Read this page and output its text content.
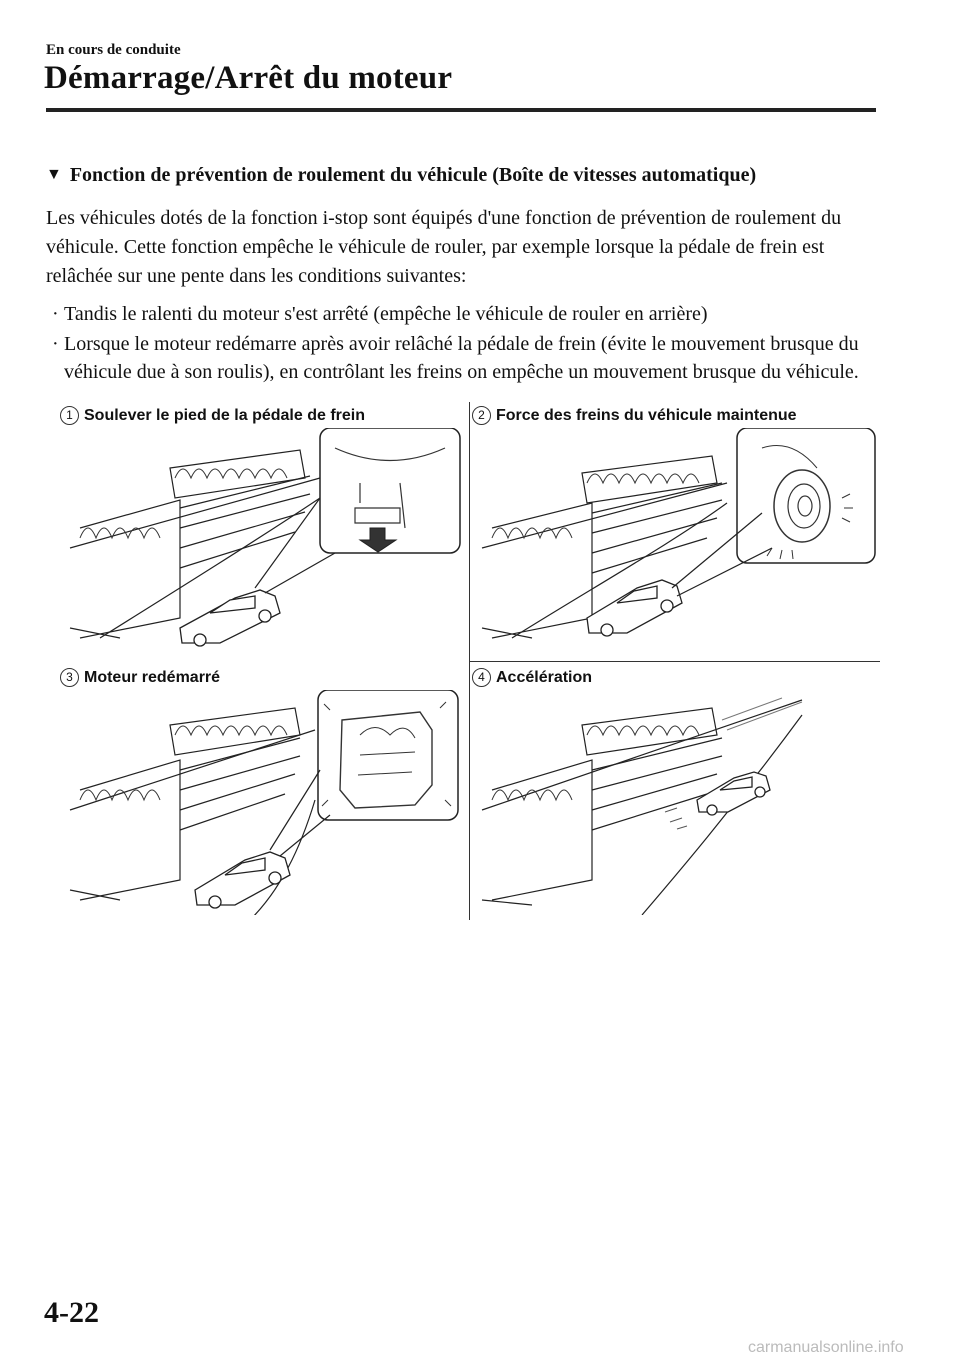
En cours de conduite
Démarrage/Arrêt du moteur
▼ Fonction de prévention de roulement du véhicule (Boîte de vitesses automatique)
Les véhicules dotés de la fonction i-stop sont équipés d'une fonction de prévention de roulement du véhicule. Cette fonction empêche le véhicule de rouler, par exemple lorsque la pédale de frein est relâchée sur une pente dans les conditions suivantes:
· Tandis le ralenti du moteur s'est arrêté (empêche le véhicule de rouler en arrière)
· Lorsque le moteur redémarre après avoir relâché la pédale de frein (évite le mouvement brusque du véhicule due à son roulis), en contrôlant les freins on empêche un mouvement brusque du véhicule.
1 Soulever le pied de la pédale de frein	2 Force des freins du véhicule maintenue
3 Moteur redémarré	4 Accélération
4-22
carmanualsonline.info
